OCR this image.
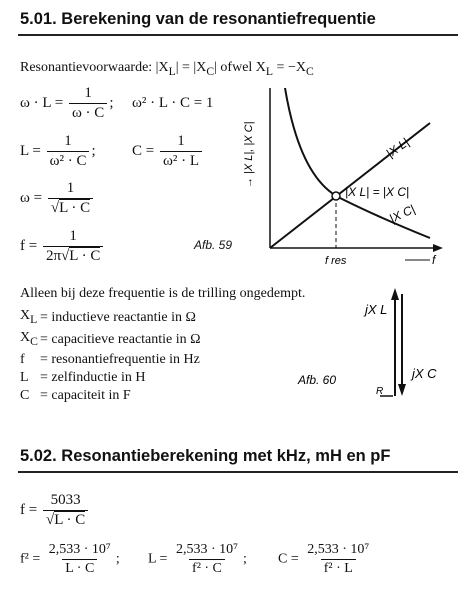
5.01. Berekening van de resonantiefrequentie
Resonantievoorwaarde: $|X_L| = |X_C|$ ofwel $X_L = -X_C$
$\omega \cdot L = \frac{1}{\omega \cdot C}$ ; ω² · L · C = 1
$L = \frac{1}{\text{ω² · C}}$ ; $C = \frac{1}{\text{ω² · L}}$
$\omega = \frac{1}{√L \cdot C}$
$f = \frac{1}{2\pi√L \cdot C}$	Afb. 59
→ |X L|, |X C|	|X L|
|X L| = |X C|
|X C|
f res	f
Alleen bij deze frequentie is de trilling ongedempt.
$X_L$	= inductieve reactantie in Ω
$X_C$	= capacitieve reactantie in Ω
f	= resonantiefrequentie in Hz
L	= zelfinductie in H
C	= capaciteit in F
jX L
jX C
R
Afb. 60
5.02. Resonantieberekening met kHz, mH en pF
$f = \frac{5033}{√L \cdot C}$
$f^2 = \frac{\text{2,533 · 10⁷}}{L \cdot C}$ ; $L = \frac{\text{2,533 · 10⁷}}{\text{f² · C}}$ ; $C = \frac{\text{2,533 · 10⁷}}{\text{f² · L}}$
